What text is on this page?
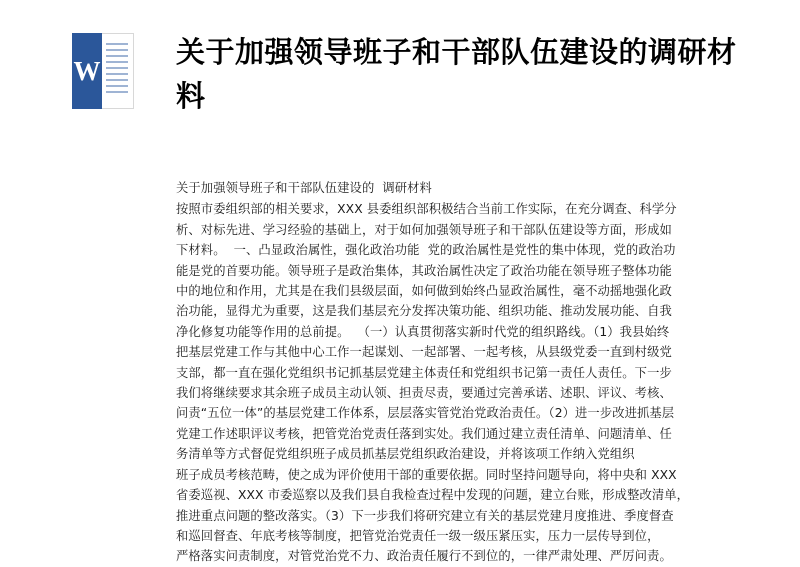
W
关于加强领导班子和干部队伍建设的调研材料
关于加强领导班子和干部队伍建设的  调研材料
按照市委组织部的相关要求，XXX 县委组织部积极结合当前工作实际，在充分调查、科学分
析、对标先进、学习经验的基础上，对于如何加强领导班子和干部队伍建设等方面，形成如
下材料。  一、凸显政治属性，强化政治功能  党的政治属性是党性的集中体现，党的政治功
能是党的首要功能。领导班子是政治集体，其政治属性决定了政治功能在领导班子整体功能
中的地位和作用，尤其是在我们县级层面，如何做到始终凸显政治属性，毫不动摇地强化政
治功能，显得尤为重要，这是我们基层充分发挥决策功能、组织功能、推动发展功能、自我
净化修复功能等作用的总前提。  （一）认真贯彻落实新时代党的组织路线。（1）我县始终
把基层党建工作与其他中心工作一起谋划、一起部署、一起考核，从县级党委一直到村级党
支部，都一直在强化党组织书记抓基层党建主体责任和党组织书记第一责任人责任。下一步
我们将继续要求其余班子成员主动认领、担责尽责，要通过完善承诺、述职、评议、考核、
问责“五位一体”的基层党建工作体系，层层落实管党治党政治责任。（2）进一步改进抓基层
党建工作述职评议考核，把管党治党责任落到实处。我们通过建立责任清单、问题清单、任
务清单等方式督促党组织班子成员抓基层党组织政治建设，并将该项工作纳入党组织
班子成员考核范畴，使之成为评价使用干部的重要依据。同时坚持问题导向，将中央和 XXX
省委巡视、XXX 市委巡察以及我们县自我检查过程中发现的问题，建立台账，形成整改清单，
推进重点问题的整改落实。（3）下一步我们将研究建立有关的基层党建月度推进、季度督查
和巡回督查、年底考核等制度，把管党治党责任一级一级压紧压实，压力一层传导到位，
严格落实问责制度，对管党治党不力、政治责任履行不到位的，一律严肃处理、严厉问责。
